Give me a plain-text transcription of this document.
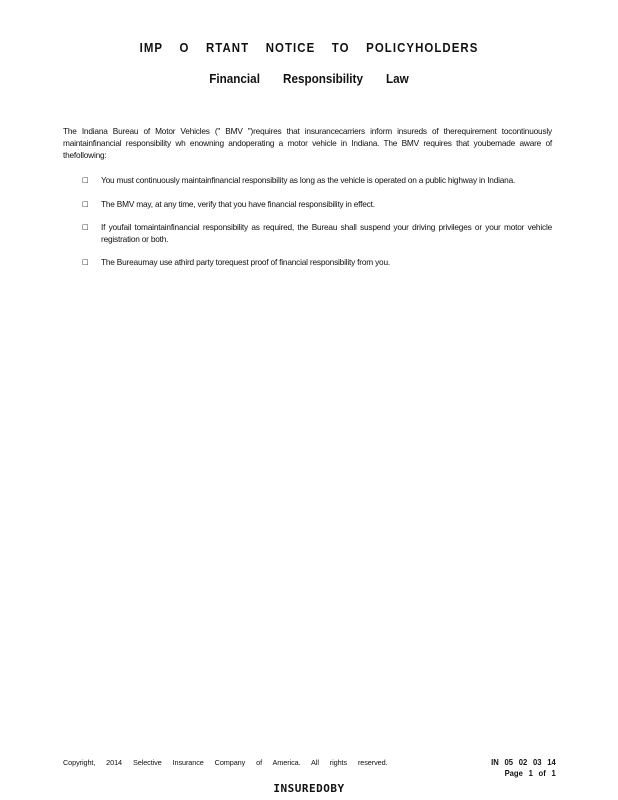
IMP O RTANT NOTICE TO POLICYHOLDERS
Financial Responsibility Law
The Indiana Bureau of Motor Vehicles (" BMV ")requires that insurancecarriers inform insureds of therequirement tocontinuously maintainfinancial responsibility wh enowning andoperating a motor vehicle in Indiana. The BMV requires that youbemade aware of thefollowing:
□	You must continuously maintainfinancial responsibility as long as the vehicle is operated on a public highway in Indiana.
□	The BMV may, at any time, verify that you have financial responsibility in effect.
□	If youfail tomaintainfinancial responsibility as required, the Bureau shall suspend your driving privileges or your motor vehicle registration or both.
□	The Bureaumay use athird party torequest proof of financial responsibility from you.
Copyright, 2014 Selective Insurance Company of America. All rights reserved.	IN 05 02 03 14
Page 1 of 1
INSUREDOBY
